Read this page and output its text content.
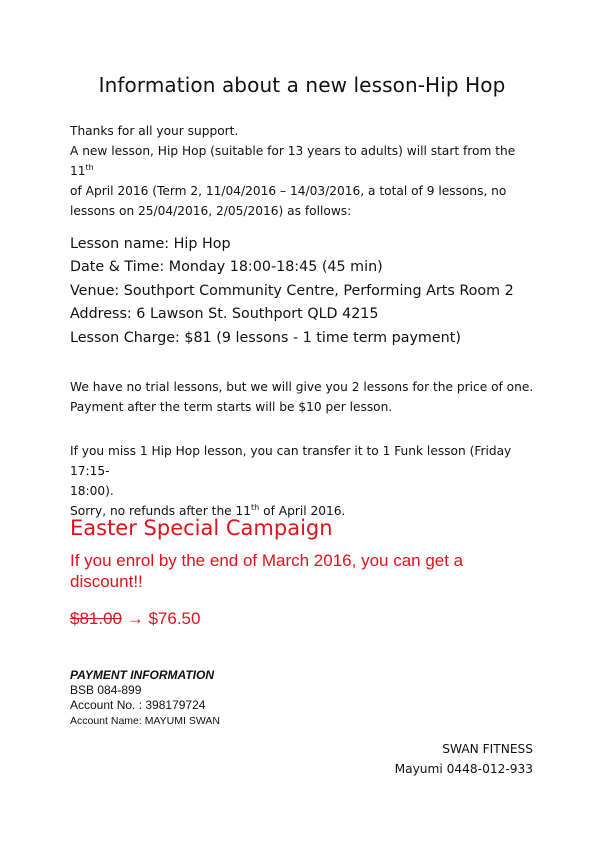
Information about a new lesson-Hip Hop

Thanks for all your support.

A new lesson, Hip Hop (suitable for 13 years to adults) will start from the 11th

of April 2016 (Term 2, 11/04/2016 – 14/03/2016, a total of 9 lessons, no

lessons on 25/04/2016, 2/05/2016) as follows:

Lesson name: Hip Hop

Date & Time: Monday 18:00-18:45 (45 min)

Venue: Southport Community Centre, Performing Arts Room 2

Address: 6 Lawson St. Southport QLD 4215

Lesson Charge: $81 (9 lessons - 1 time term payment)

We have no trial lessons, but we will give you 2 lessons for the price of one.

Payment after the term starts will be $10 per lesson.

If you miss 1 Hip Hop lesson, you can transfer it to 1 Funk lesson (Friday 17:15-

18:00).

Sorry, no refunds after the 11th of April 2016.

Easter Special Campaign
If you enrol by the end of March 2016, you can get a discount!!
$81.00 → $76.50
PAYMENT INFORMATION
BSB 084-899
Account No. : 398179724
Account Name: MAYUMI SWAN

SWAN FITNESS

Mayumi 0448-012-933
